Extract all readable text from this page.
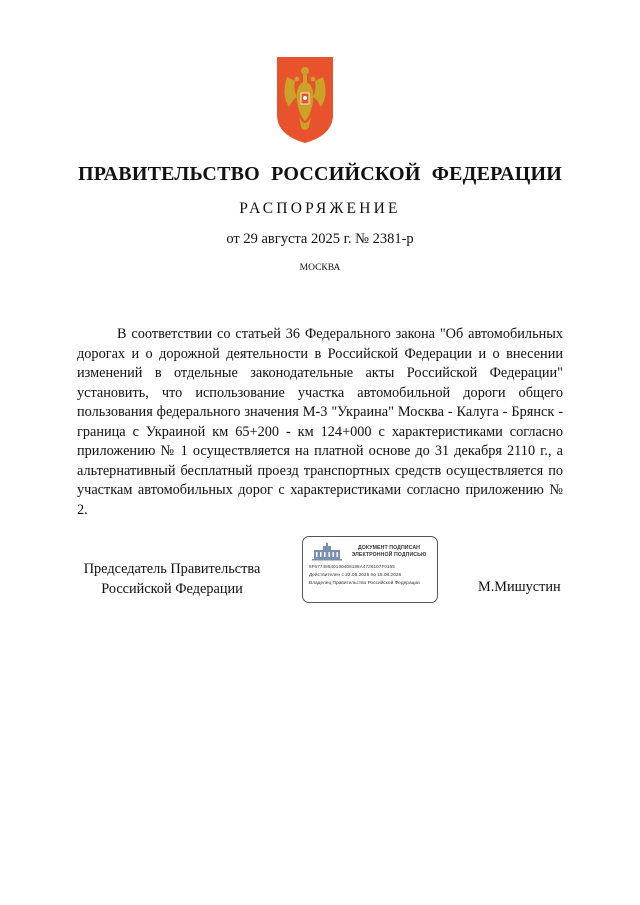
ПРАВИТЕЛЬСТВО РОССИЙСКОЙ ФЕДЕРАЦИИ
РАСПОРЯЖЕНИЕ
от 29 августа 2025 г. № 2381-р
МОСКВА

В соответствии со статьей 36 Федерального закона "Об автомобильных дорогах и о дорожной деятельности в Российской Федерации и о внесении изменений в отдельные законодательные акты Российской Федерации" установить, что использование участка автомобильной дороги общего пользования федерального значения М-3 "Украина" Москва - Калуга - Брянск - граница с Украиной км 65+200 - км 124+000 с характеристиками согласно приложению № 1 осуществляется на платной основе до 31 декабря 2110 г., а альтернативный бесплатный проезд транспортных средств осуществляется по участкам автомобильных дорог с характеристиками согласно приложению № 2.

Председатель Правительства
Российской Федерации
ДОКУМЕНТ ПОДПИСАН
ЭЛЕКТРОННОЙ ПОДПИСЬЮ
6F67748540130408188A4726107F0155
Действителен с 22.05.2025 по 15.08.2026
Владелец Правительство Российской Федерации	М.Мишустин
